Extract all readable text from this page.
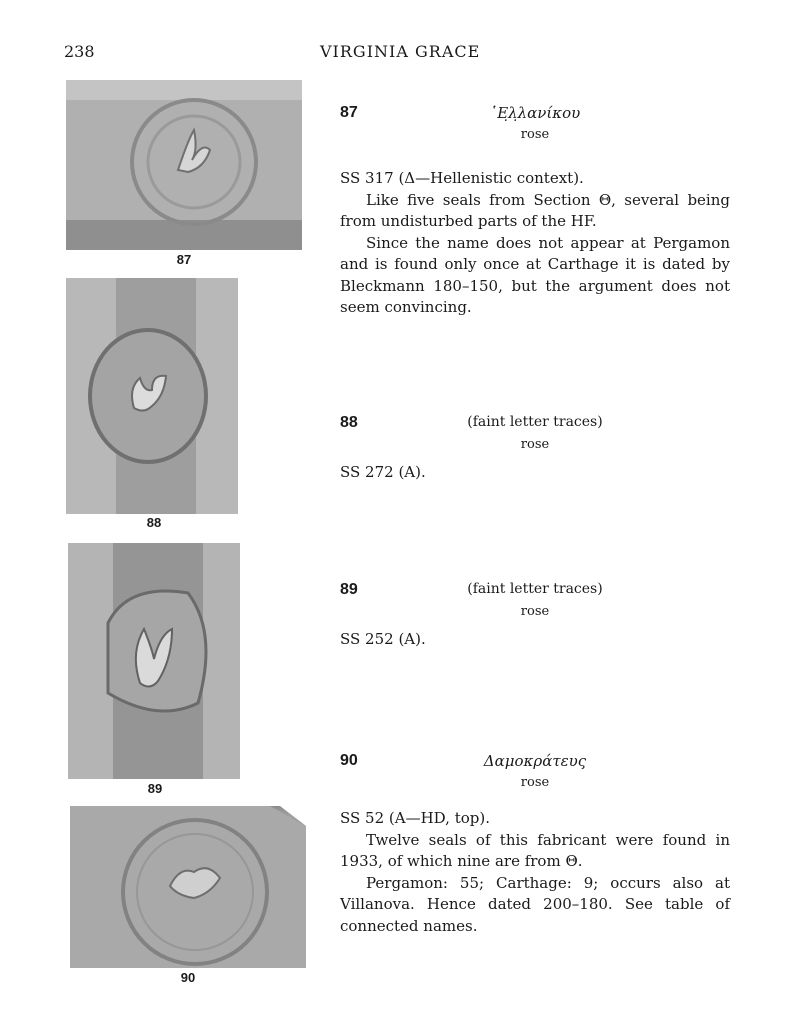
238	VIRGINIA GRACE
87
88
89
90
87	῾Ε̣λ̣λανίκου
rose

SS 317 (Δ—Hellenistic context).

Like five seals from Section Θ, several being from undisturbed parts of the HF.

Since the name does not appear at Pergamon and is found only once at Carthage it is dated by Bleckmann 180–150, but the argument does not seem convincing.

88	(faint letter traces)
rose

SS 272 (A).

89	(faint letter traces)
rose

SS 252 (A).

90	Δαμοκράτευς
rose

SS 52 (A—HD, top).

Twelve seals of this fabricant were found in 1933, of which nine are from Θ.

Pergamon: 55; Carthage: 9; occurs also at Villanova. Hence dated 200–180. See table of connected names.
